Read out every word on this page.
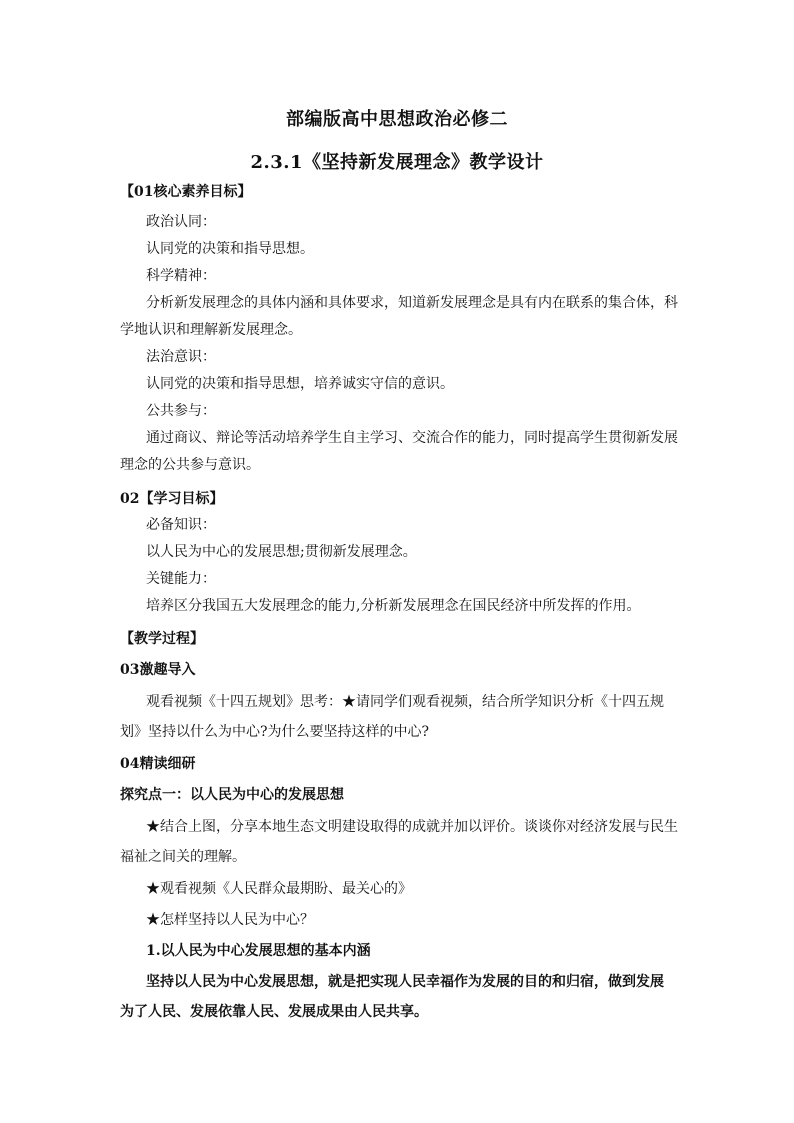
部编版高中思想政治必修二
2.3.1《坚持新发展理念》教学设计
【01核心素养目标】
政治认同：
认同党的决策和指导思想。
科学精神：
分析新发展理念的具体内涵和具体要求，知道新发展理念是具有内在联系的集合体，科
学地认识和理解新发展理念。
法治意识：
认同党的决策和指导思想，培养诚实守信的意识。
公共参与：
通过商议、辩论等活动培养学生自主学习、交流合作的能力，同时提高学生贯彻新发展
理念的公共参与意识。
02【学习目标】
必备知识：
以人民为中心的发展思想;贯彻新发展理念。
关键能力：
培养区分我国五大发展理念的能力,分析新发展理念在国民经济中所发挥的作用。
【教学过程】
03激趣导入
观看视频《十四五规划》思考：★请同学们观看视频，结合所学知识分析《十四五规
划》坚持以什么为中心?为什么要坚持这样的中心?
04精读细研
探究点一：以人民为中心的发展思想
★结合上图，分享本地生态文明建设取得的成就并加以评价。谈谈你对经济发展与民生
福祉之间关的理解。
★观看视频《人民群众最期盼、最关心的》
★怎样坚持以人民为中心？
1.以人民为中心发展思想的基本内涵
坚持以人民为中心发展思想，就是把实现人民幸福作为发展的目的和归宿，做到发展
为了人民、发展依靠人民、发展成果由人民共享。
